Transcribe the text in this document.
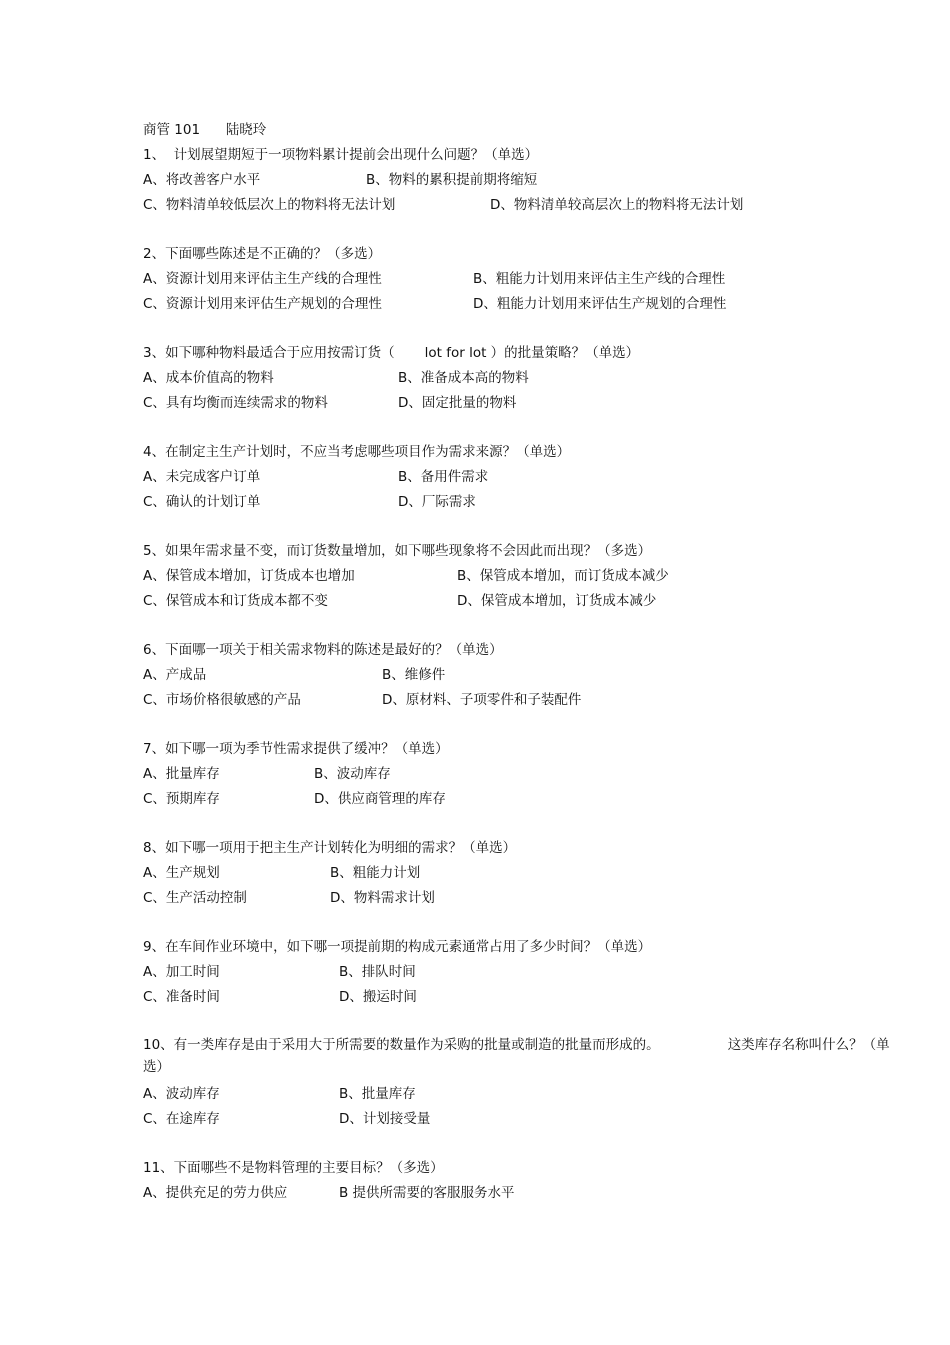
商管 101 陆晓玲
1、  计划展望期短于一项物料累计提前会出现什么问题？（单选）
A、将改善客户水平	B、物料的累积提前期将缩短
C、物料清单较低层次上的物料将无法计划	D、物料清单较高层次上的物料将无法计划
2、下面哪些陈述是不正确的？（多选）
A、资源计划用来评估主生产线的合理性	B、粗能力计划用来评估主生产线的合理性
C、资源计划用来评估生产规划的合理性	D、粗能力计划用来评估生产规划的合理性
3、如下哪种物料最适合于应用按需订货（       lot for lot ）的批量策略？（单选）
A、成本价值高的物料	B、准备成本高的物料
C、具有均衡而连续需求的物料	D、固定批量的物料
4、在制定主生产计划时，不应当考虑哪些项目作为需求来源？（单选）
A、未完成客户订单	B、备用件需求
C、确认的计划订单	D、厂际需求
5、如果年需求量不变，而订货数量增加，如下哪些现象将不会因此而出现？（多选）
A、保管成本增加，订货成本也增加	B、保管成本增加，而订货成本减少
C、保管成本和订货成本都不变	D、保管成本增加，订货成本减少
6、下面哪一项关于相关需求物料的陈述是最好的？（单选）
A、产成品	B、维修件
C、市场价格很敏感的产品	D、原材料、子项零件和子装配件
7、如下哪一项为季节性需求提供了缓冲？（单选）
A、批量库存	B、波动库存
C、预期库存	D、供应商管理的库存
8、如下哪一项用于把主生产计划转化为明细的需求？（单选）
A、生产规划	B、粗能力计划
C、生产活动控制	D、物料需求计划
9、在车间作业环境中，如下哪一项提前期的构成元素通常占用了多少时间？（单选）
A、加工时间	B、排队时间
C、准备时间	D、搬运时间
10、有一类库存是由于采用大于所需要的数量作为采购的批量或制造的批量而形成的。	这类库存名称叫什么？（单选）
A、波动库存	B、批量库存
C、在途库存	D、计划接受量
11、下面哪些不是物料管理的主要目标？（多选）
A、提供充足的劳力供应	B 提供所需要的客服服务水平
